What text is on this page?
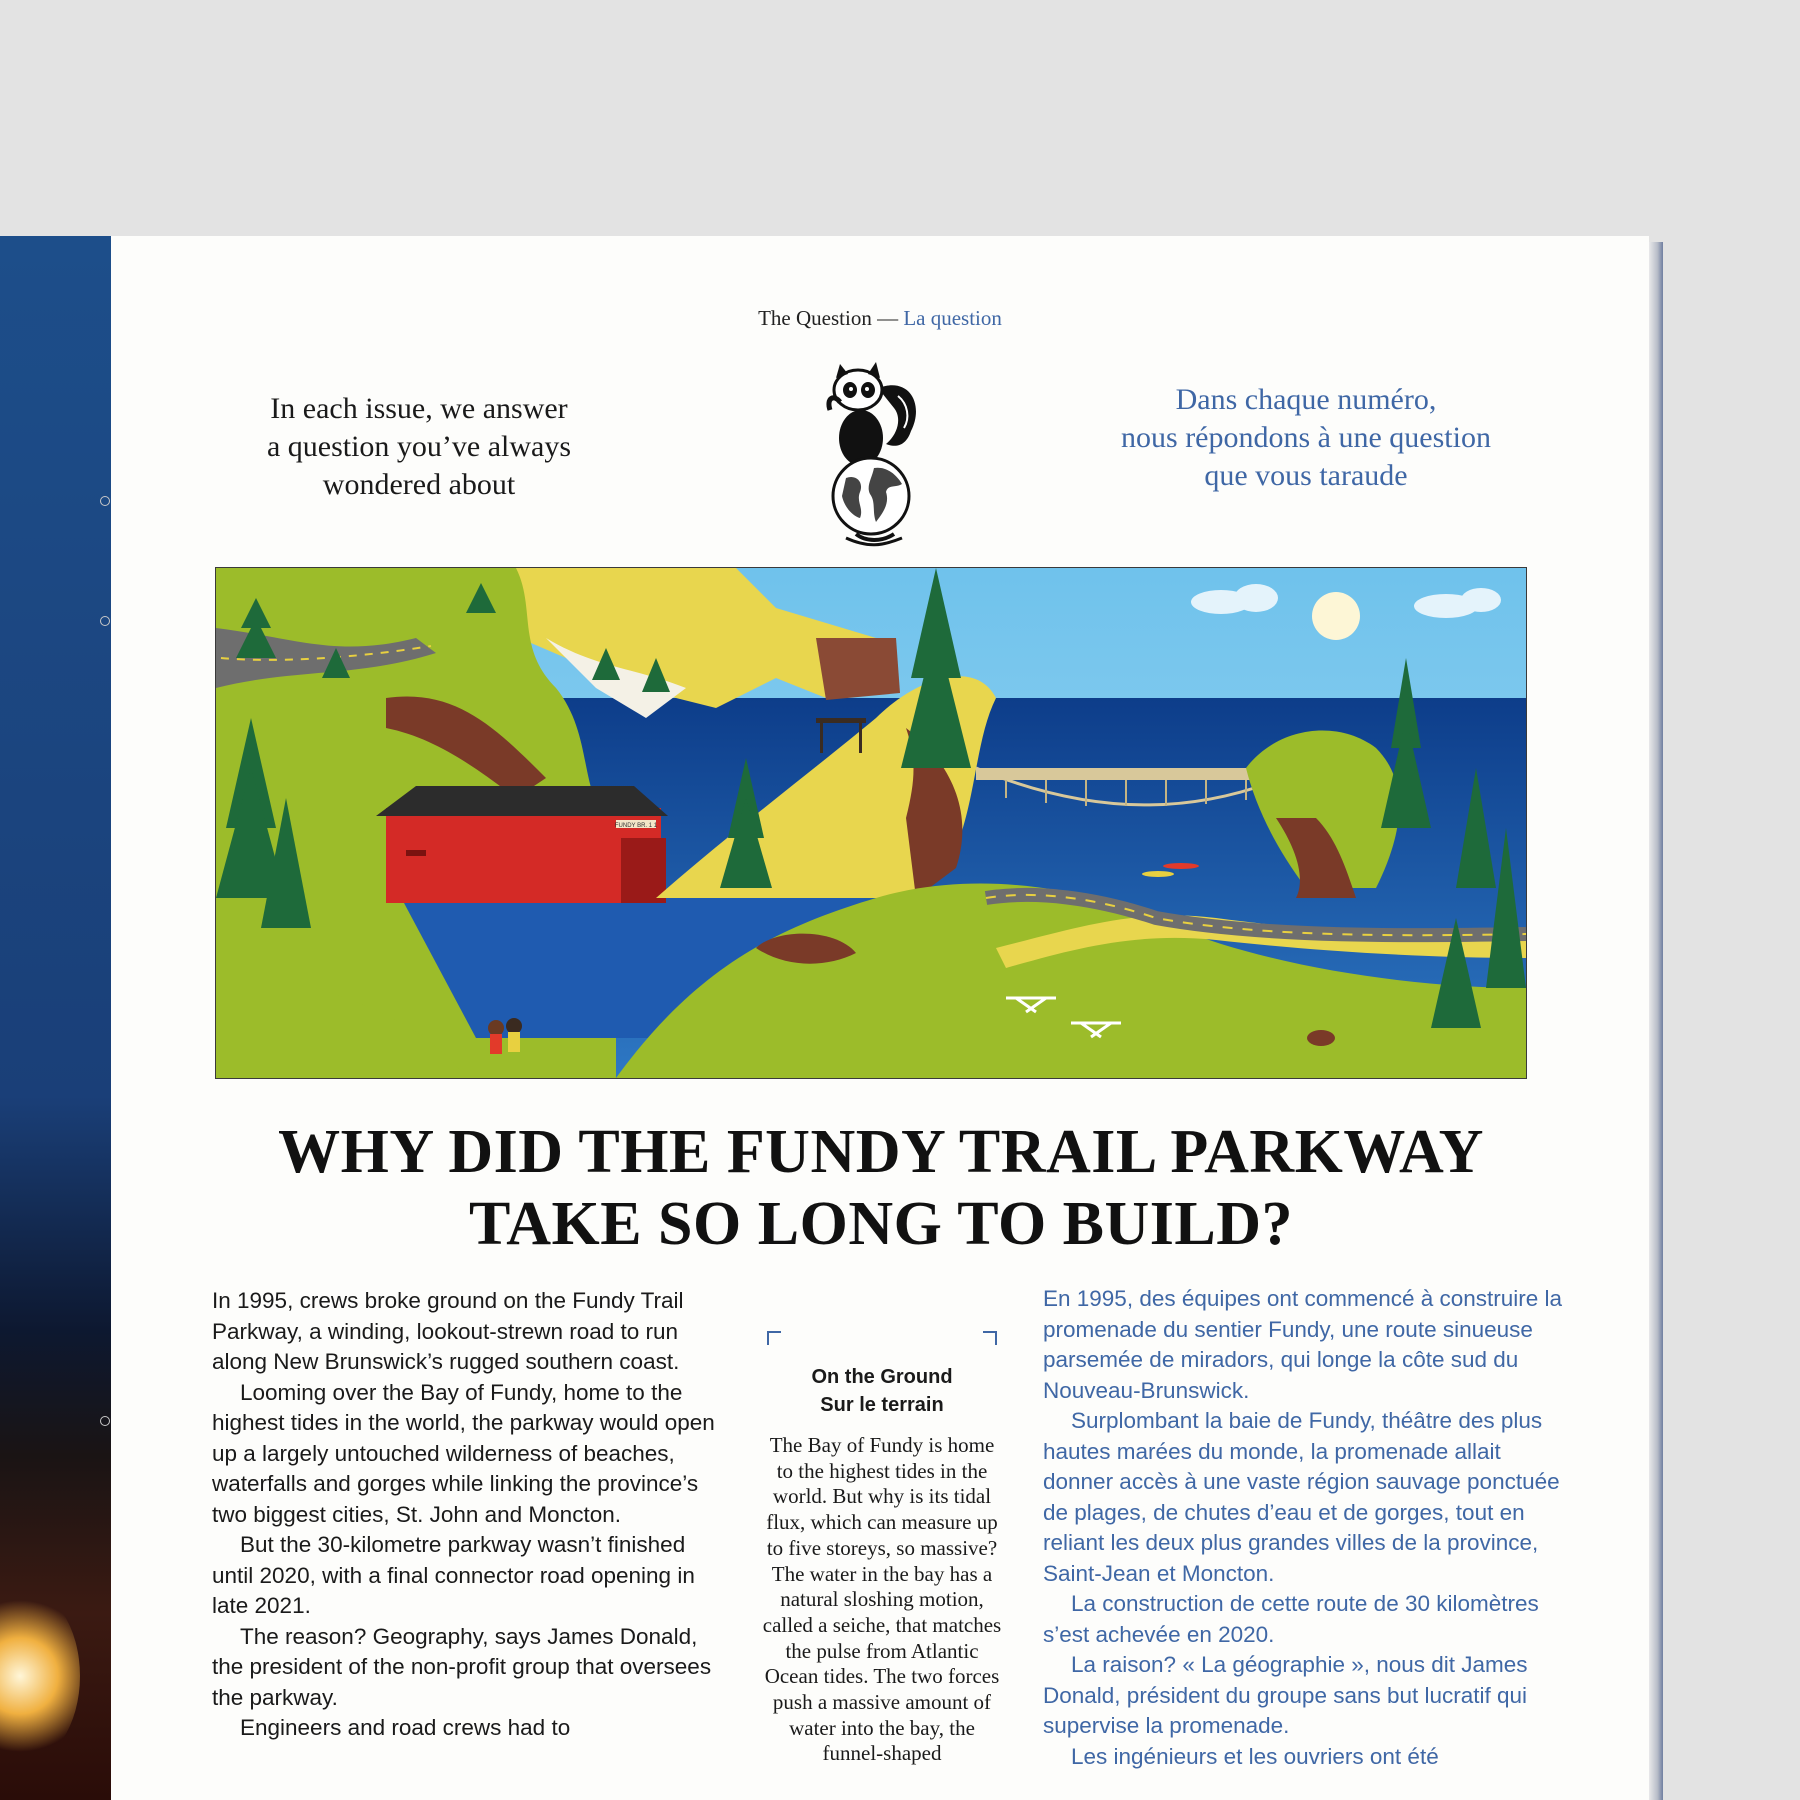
The Question — La question
In each issue, we answer
a question you’ve always
wondered about
Dans chaque numéro,
nous répondons à une question
que vous taraude
FUNDY BR. 1 1
WHY DID THE FUNDY TRAIL PARKWAY
TAKE SO LONG TO BUILD?

In 1995, crews broke ground on the Fundy Trail Parkway, a winding, lookout-strewn road to run along New Brunswick’s rugged southern coast.

Looming over the Bay of Fundy, home to the highest tides in the world, the parkway would open up a largely untouched wilderness of beaches, waterfalls and gorges while linking the province’s two biggest cities, St. John and Moncton.

But the 30-kilometre parkway wasn’t finished until 2020, with a final connector road opening in late 2021.

The reason? Geography, says James Donald, the president of the non-profit group that oversees the parkway.

Engineers and road crews had to

On the Ground
Sur le terrain
The Bay of Fundy is home to the highest tides in the world. But why is its tidal flux, which can measure up to five storeys, so massive? The water in the bay has a natural sloshing motion, called a seiche, that matches the pulse from Atlantic Ocean tides. The two forces push a massive amount of water into the bay, the funnel-shaped

En 1995, des équipes ont commencé à construire la promenade du sentier Fundy, une route sinueuse parsemée de miradors, qui longe la côte sud du Nouveau-Brunswick.

Surplombant la baie de Fundy, théâtre des plus hautes marées du monde, la promenade allait donner accès à une vaste région sauvage ponctuée de plages, de chutes d’eau et de gorges, tout en reliant les deux plus grandes villes de la province, Saint-Jean et Moncton.

La construction de cette route de 30 kilomètres s’est achevée en 2020.

La raison? « La géographie », nous dit James Donald, président du groupe sans but lucratif qui supervise la promenade.

Les ingénieurs et les ouvriers ont été
